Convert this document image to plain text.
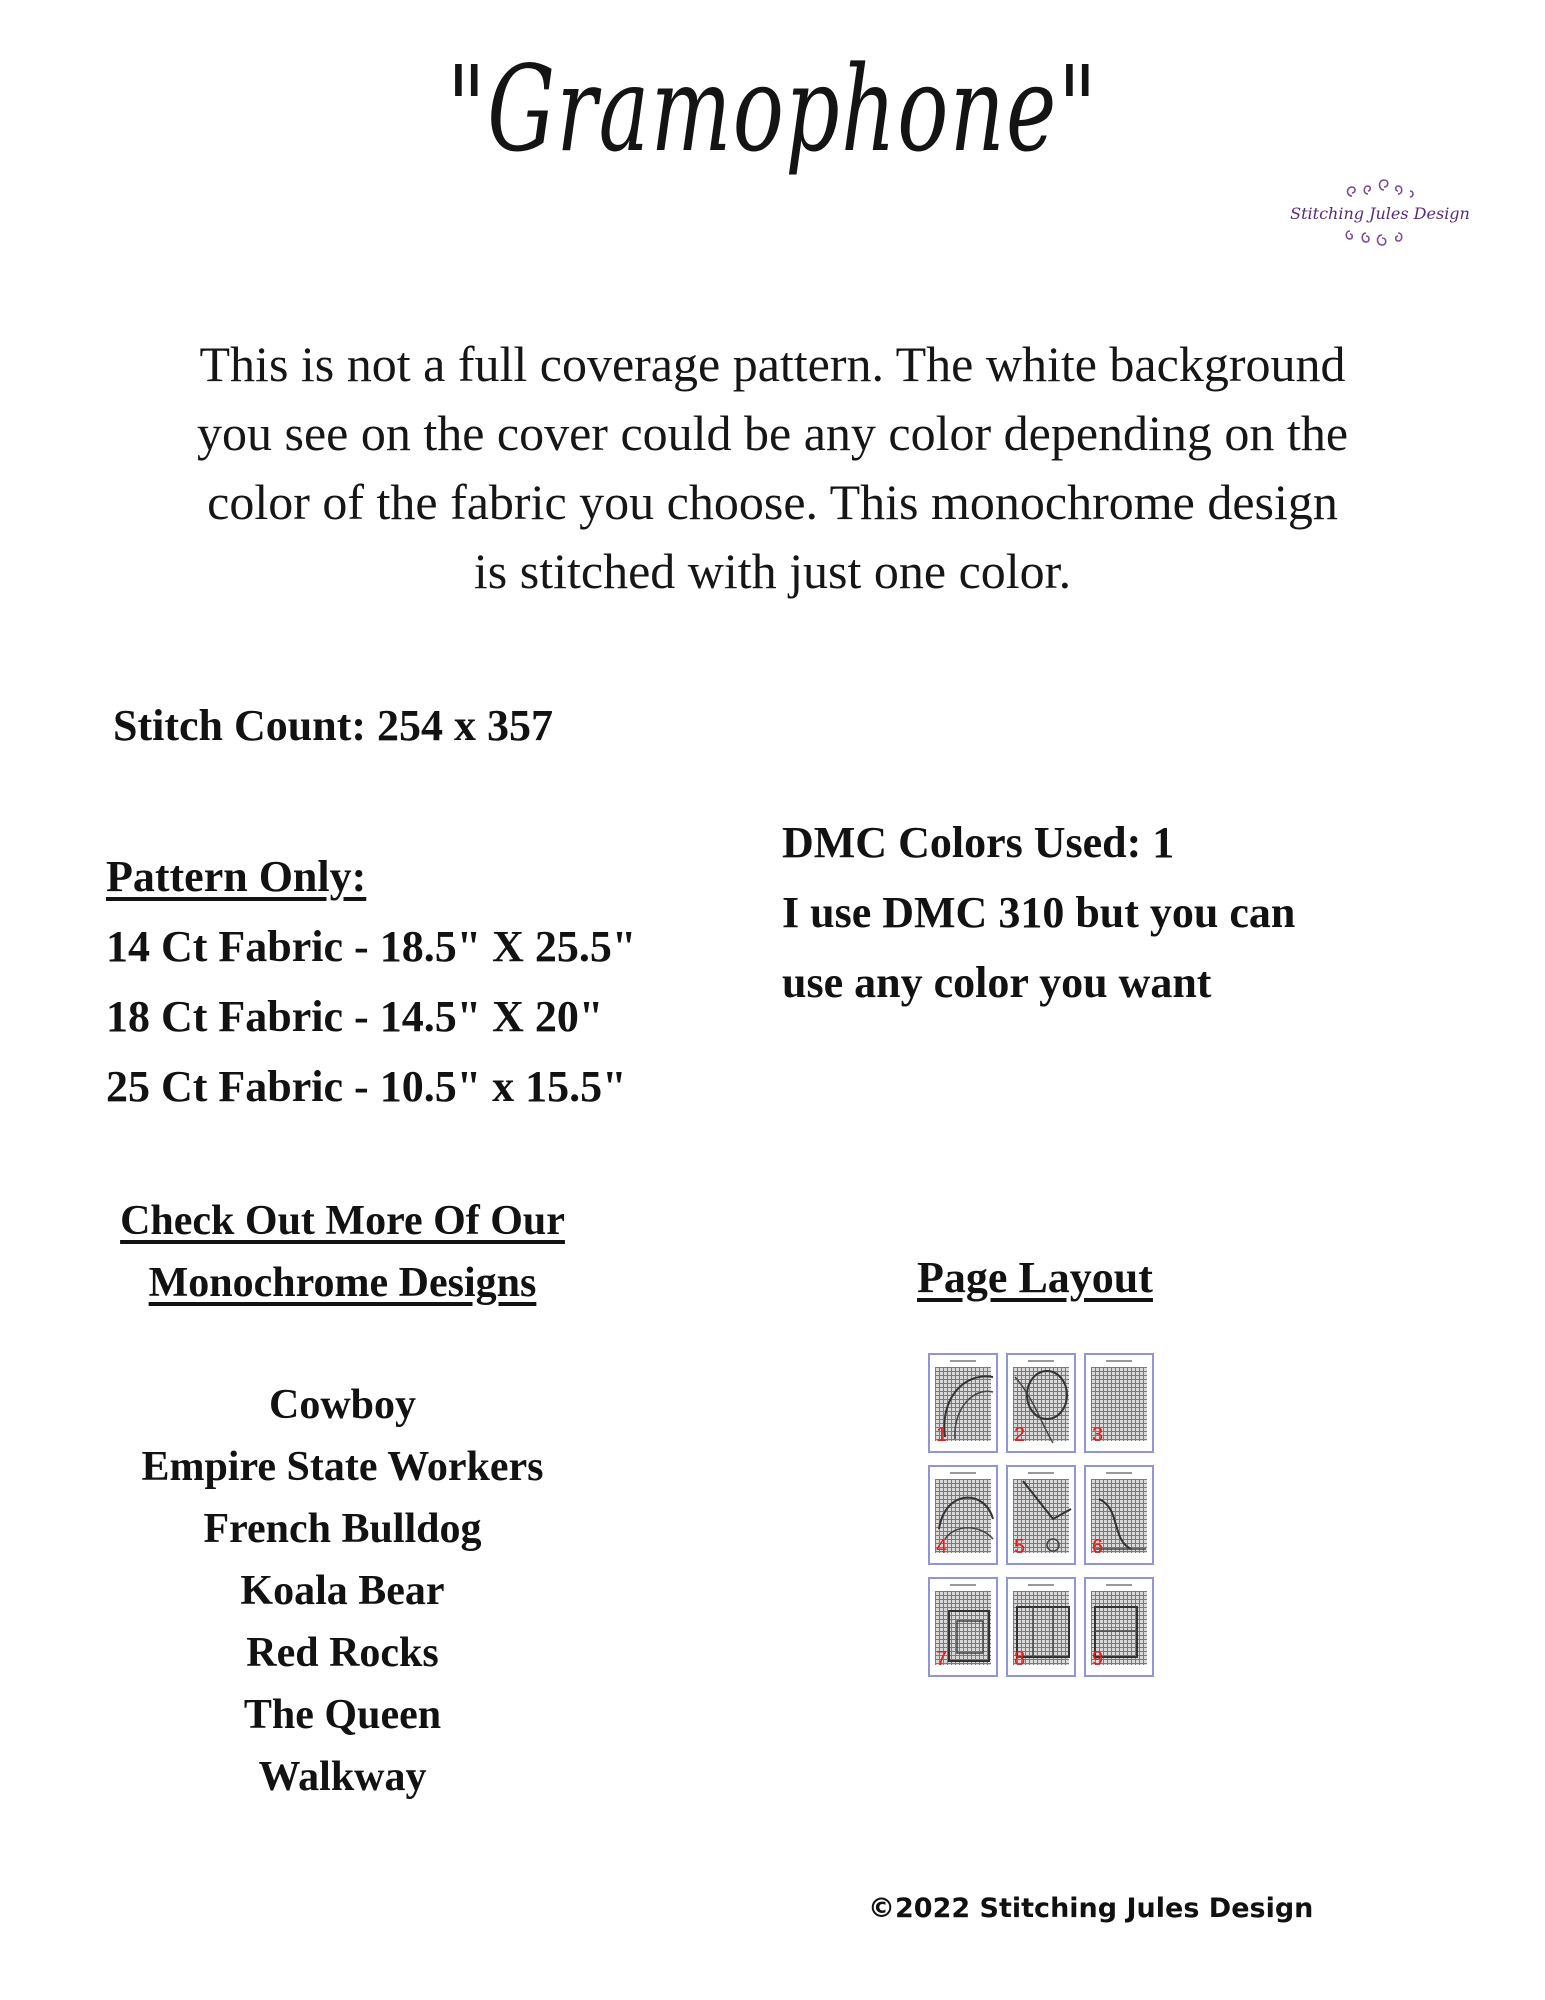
"Gramophone"
Stitching Jules Design

This is not a full coverage pattern. The white background

you see on the cover could be any color depending on the

color of the fabric you choose. This monochrome design

is stitched with just one color.

Stitch Count: 254 x 357
Pattern Only:
14 Ct Fabric - 18.5" X 25.5"
18 Ct Fabric - 14.5" X 20"
25 Ct Fabric - 10.5" x 15.5"
DMC Colors Used: 1
I use DMC 310 but you can
use any color you want
Check Out More Of Our
Monochrome Designs
Cowboy
Empire State Workers
French Bulldog
Koala Bear
Red Rocks
The Queen
Walkway
Page Layout
1	2	3
4	5	6
7	8	9
©2022 Stitching Jules Design
